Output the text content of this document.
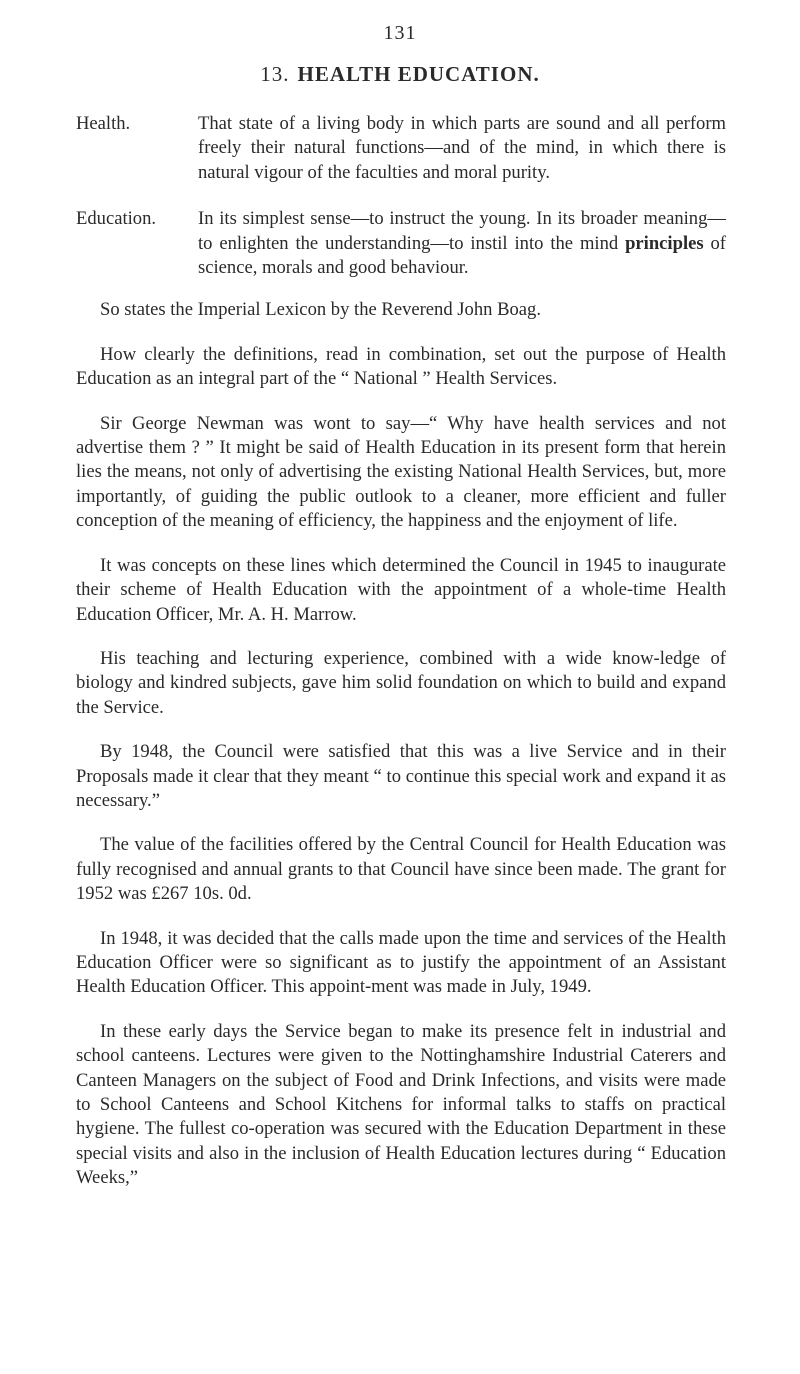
131
13. HEALTH EDUCATION.
Health.	That state of a living body in which parts are sound and all perform freely their natural functions—and of the mind, in which there is natural vigour of the faculties and moral purity.
Education. In its simplest sense—to instruct the young. In its broader meaning—to enlighten the understanding—to instil into the mind principles of science, morals and good behaviour.

So states the Imperial Lexicon by the Reverend John Boag.

How clearly the definitions, read in combination, set out the purpose of Health Education as an integral part of the “ National ” Health Services.

Sir George Newman was wont to say—“ Why have health services and not advertise them ? ” It might be said of Health Education in its present form that herein lies the means, not only of advertising the existing National Health Services, but, more importantly, of guiding the public outlook to a cleaner, more efficient and fuller conception of the meaning of efficiency, the happiness and the enjoyment of life.

It was concepts on these lines which determined the Council in 1945 to inaugurate their scheme of Health Education with the appointment of a whole-time Health Education Officer, Mr. A. H. Marrow.

His teaching and lecturing experience, combined with a wide know-ledge of biology and kindred subjects, gave him solid foundation on which to build and expand the Service.

By 1948, the Council were satisfied that this was a live Service and in their Proposals made it clear that they meant “ to continue this special work and expand it as necessary.”

The value of the facilities offered by the Central Council for Health Education was fully recognised and annual grants to that Council have since been made. The grant for 1952 was £267 10s. 0d.

In 1948, it was decided that the calls made upon the time and services of the Health Education Officer were so significant as to justify the appointment of an Assistant Health Education Officer. This appoint-ment was made in July, 1949.

In these early days the Service began to make its presence felt in industrial and school canteens. Lectures were given to the Nottinghamshire Industrial Caterers and Canteen Managers on the subject of Food and Drink Infections, and visits were made to School Canteens and School Kitchens for informal talks to staffs on practical hygiene. The fullest co-operation was secured with the Education Department in these special visits and also in the inclusion of Health Education lectures during “ Education Weeks,”
